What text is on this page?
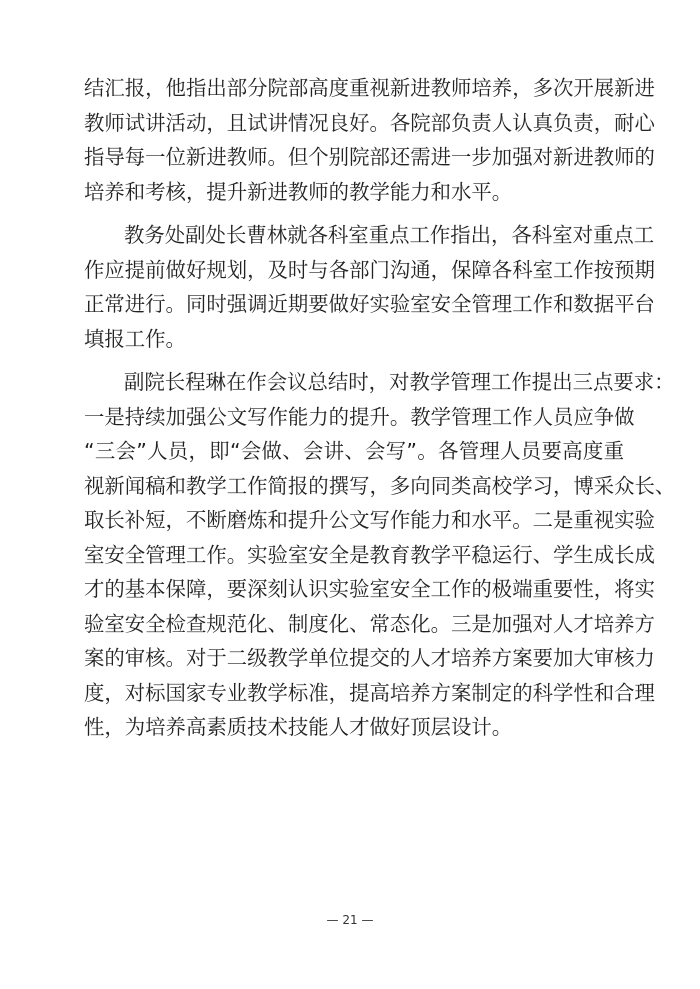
结汇报，他指出部分院部高度重视新进教师培养，多次开展新进
教师试讲活动，且试讲情况良好。各院部负责人认真负责，耐心
指导每一位新进教师。但个别院部还需进一步加强对新进教师的
培养和考核，提升新进教师的教学能力和水平。
教务处副处长曹林就各科室重点工作指出，各科室对重点工
作应提前做好规划，及时与各部门沟通，保障各科室工作按预期
正常进行。同时强调近期要做好实验室安全管理工作和数据平台
填报工作。
副院长程琳在作会议总结时，对教学管理工作提出三点要求：
一是持续加强公文写作能力的提升。教学管理工作人员应争做
“三会”人员，即“会做、会讲、会写”。各管理人员要高度重
视新闻稿和教学工作简报的撰写，多向同类高校学习，博采众长、
取长补短，不断磨炼和提升公文写作能力和水平。二是重视实验
室安全管理工作。实验室安全是教育教学平稳运行、学生成长成
才的基本保障，要深刻认识实验室安全工作的极端重要性，将实
验室安全检查规范化、制度化、常态化。三是加强对人才培养方
案的审核。对于二级教学单位提交的人才培养方案要加大审核力
度，对标国家专业教学标准，提高培养方案制定的科学性和合理
性，为培养高素质技术技能人才做好顶层设计。
— 21 —
